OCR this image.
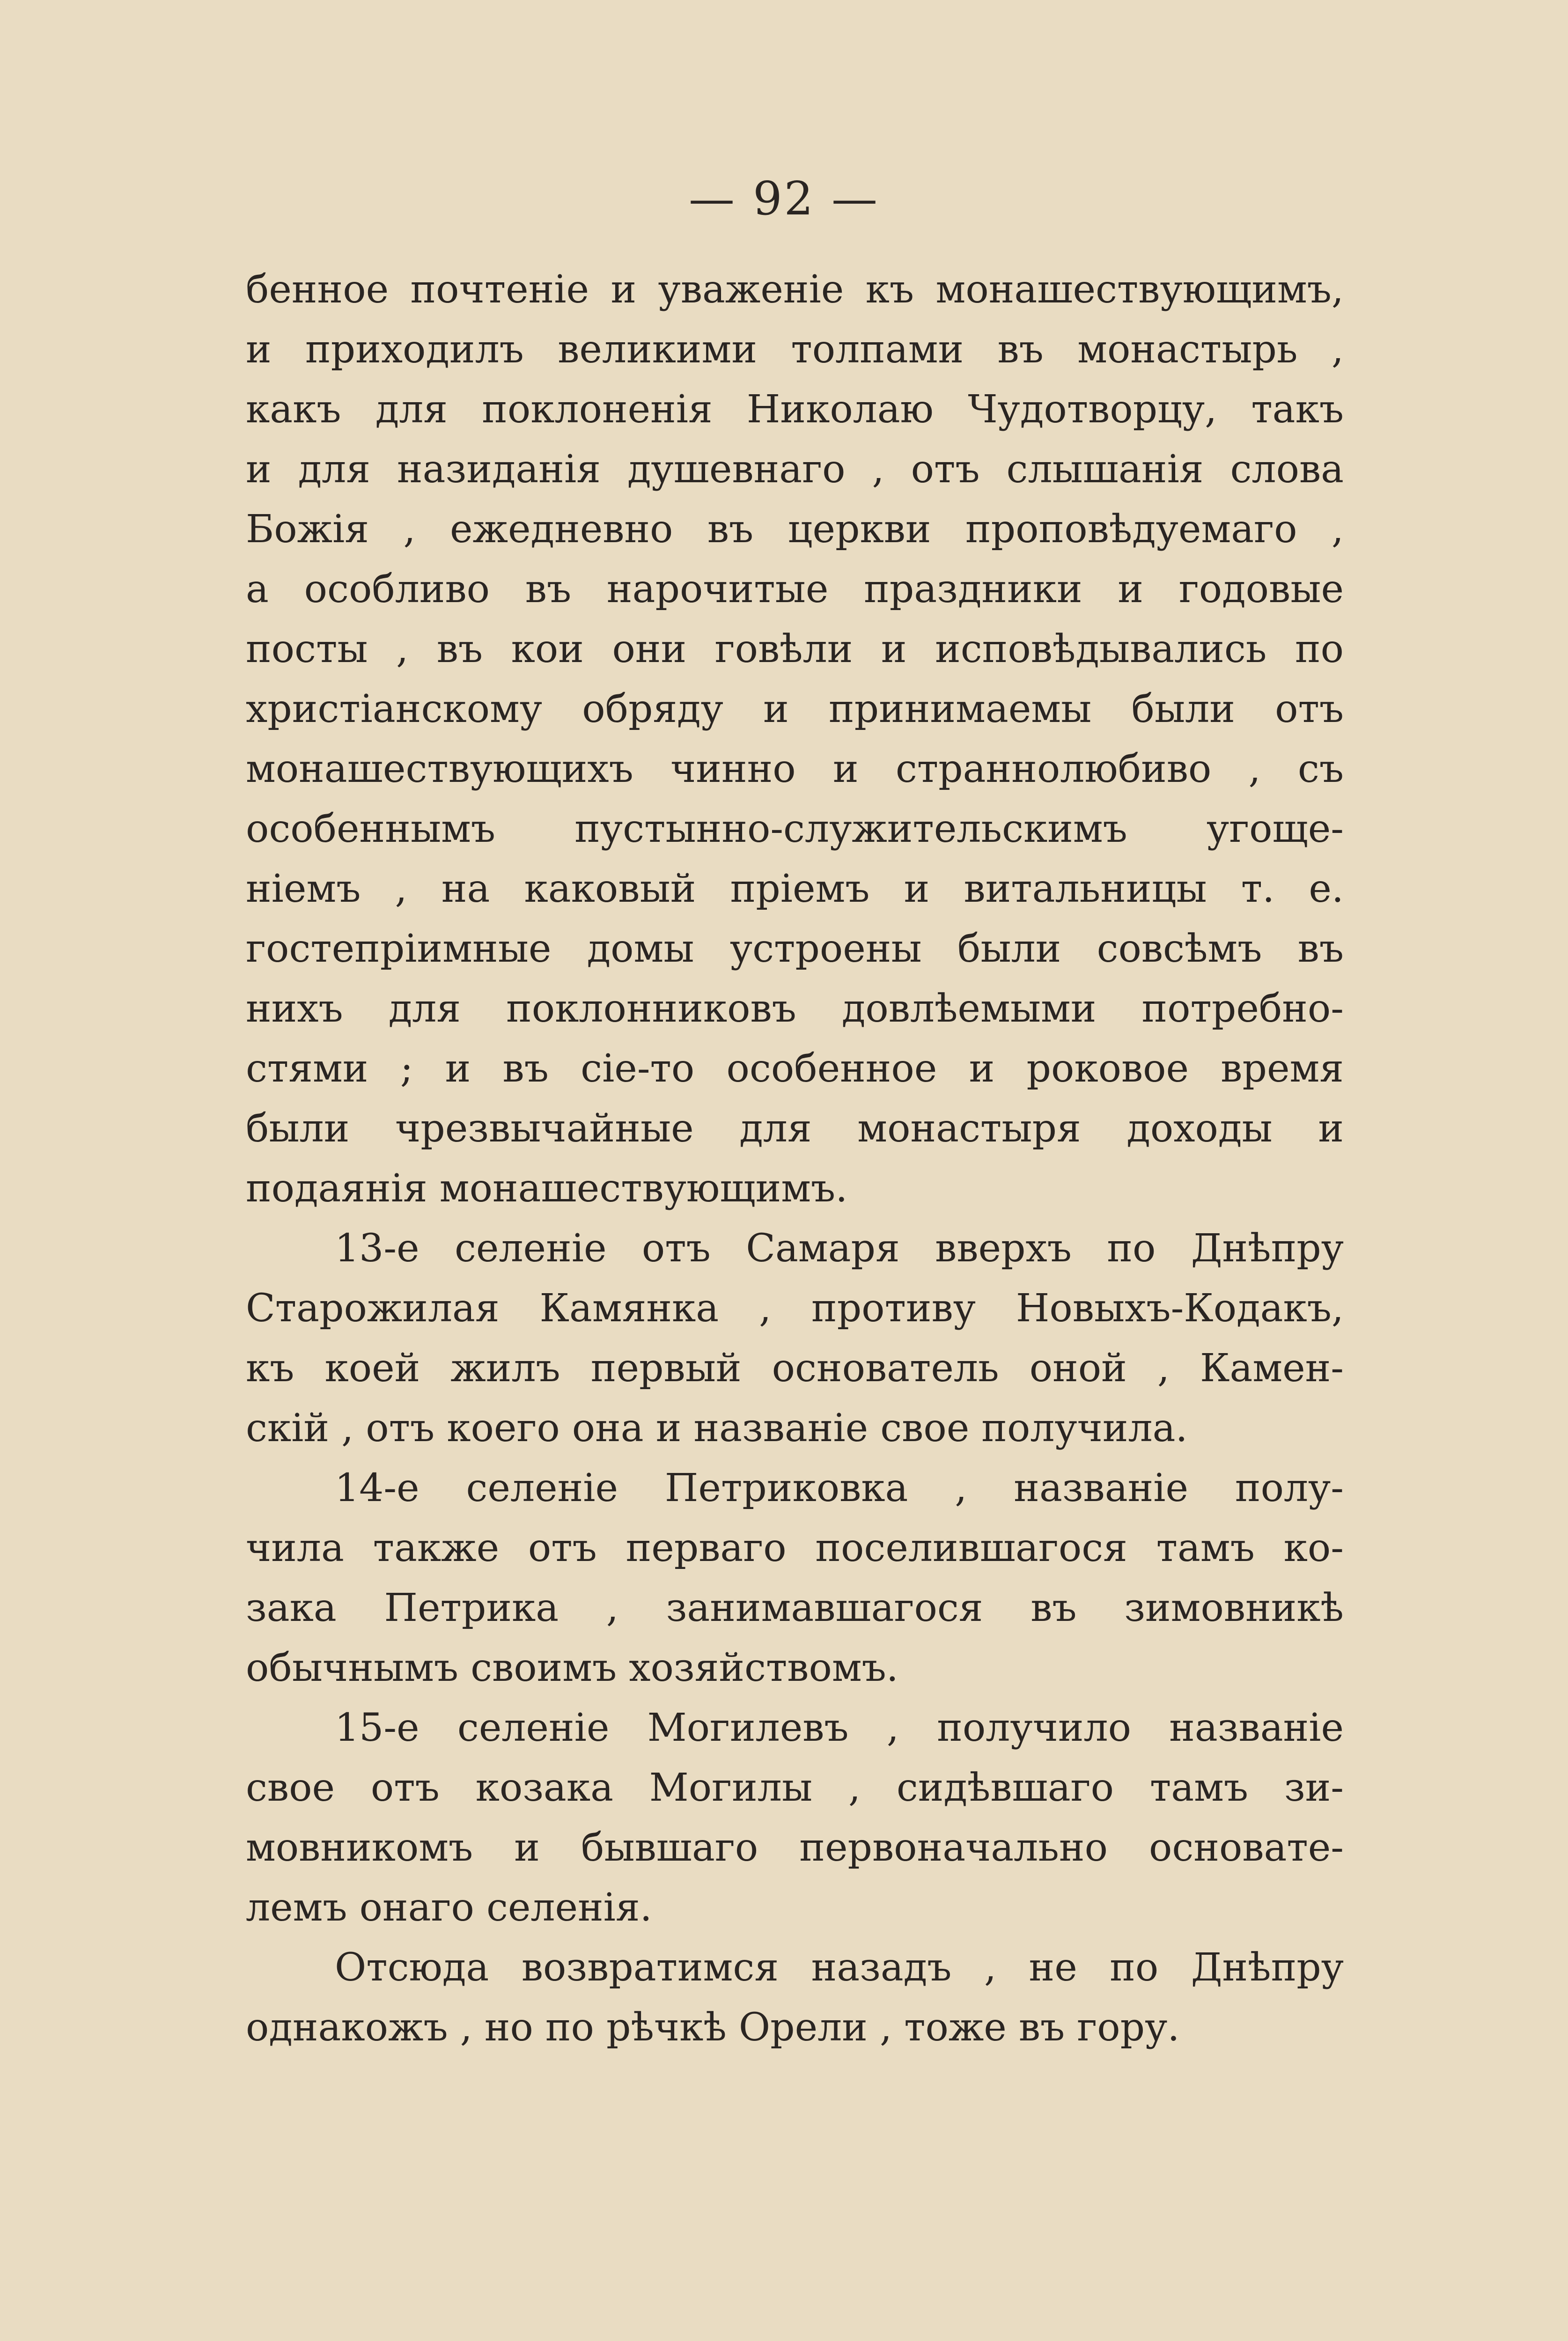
— 92 —
бенное почтенiе и уваженiе къ монашествующимъ,
и приходилъ великими толпами въ монастырь ,
какъ для поклоненiя Николаю Чудотворцу, такъ
и для назиданiя душевнаго , отъ слышанiя слова
Божiя , ежедневно въ церкви проповѣдуемаго ,
а особливо въ нарочитые праздники и годовые
посты , въ кои они говѣли и исповѣдывались по
христiанскому обряду и принимаемы были отъ
монашествующихъ чинно и страннолюбиво , съ
особеннымъ пустынно-служительскимъ угоще-
нiемъ , на каковый прiемъ и витальницы т. е.
гостепрiимные домы устроены были совсѣмъ въ
нихъ для поклонниковъ довлѣемыми потребно-
стями ; и въ сiе-то особенное и роковое время
были чрезвычайные для монастыря доходы и
подаянiя монашествующимъ.
13-е селенiе отъ Самаря вверхъ по Днѣпру
Старожилая Камянка , противу Новыхъ-Кодакъ,
къ коей жилъ первый основатель оной , Камен-
скiй , отъ коего она и названiе свое получила.
14-е селенiе Петриковка , названiе полу-
чила также отъ перваго поселившагося тамъ ко-
зака Петрика , занимавшагося въ зимовникѣ
обычнымъ своимъ хозяйствомъ.
15-е селенiе Могилевъ , получило названiе
свое отъ козака Могилы , сидѣвшаго тамъ зи-
мовникомъ и бывшаго первоначально основате-
лемъ онаго селенiя.
Отсюда возвратимся назадъ , не по Днѣпру
однакожъ , но по рѣчкѣ Орели , тоже въ гору.
